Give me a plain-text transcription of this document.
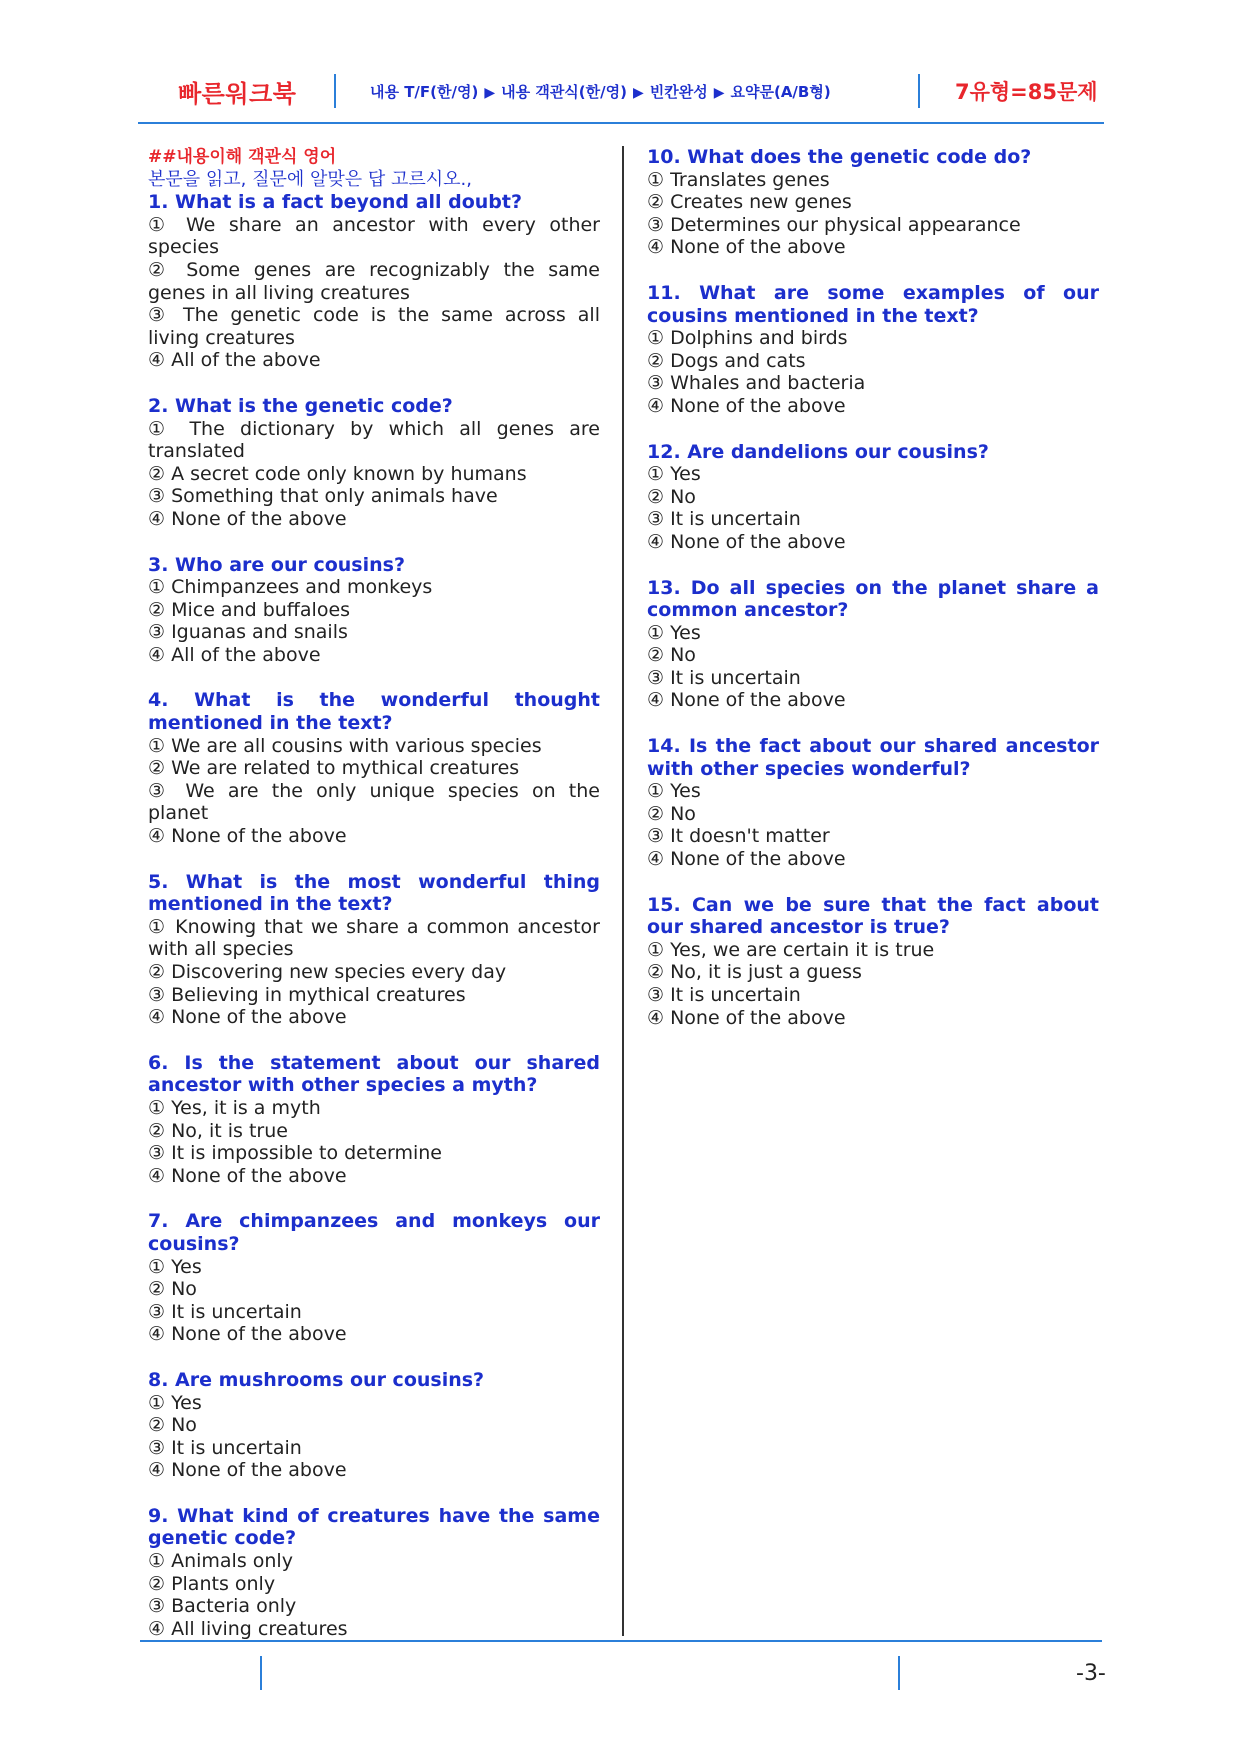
빠른워크북	내용 T/F(한/영) ▶ 내용 객관식(한/영) ▶ 빈칸완성 ▶ 요약문(A/B형)	7유형=85문제
##내용이해 객관식 영어
본문을 읽고, 질문에 알맞은 답 고르시오.,
1. What is a fact beyond all doubt?
① We share an ancestor with every other species
② Some genes are recognizably the same genes in all living creatures
③ The genetic code is the same across all living creatures
④ All of the above
2. What is the genetic code?
① The dictionary by which all genes are translated
② A secret code only known by humans
③ Something that only animals have
④ None of the above
3. Who are our cousins?
① Chimpanzees and monkeys
② Mice and buffaloes
③ Iguanas and snails
④ All of the above
4. What is the wonderful thought mentioned in the text?
① We are all cousins with various species
② We are related to mythical creatures
③ We are the only unique species on the planet
④ None of the above
5. What is the most wonderful thing mentioned in the text?
① Knowing that we share a common ancestor with all species
② Discovering new species every day
③ Believing in mythical creatures
④ None of the above
6. Is the statement about our shared ancestor with other species a myth?
① Yes, it is a myth
② No, it is true
③ It is impossible to determine
④ None of the above
7. Are chimpanzees and monkeys our cousins?
① Yes
② No
③ It is uncertain
④ None of the above
8. Are mushrooms our cousins?
① Yes
② No
③ It is uncertain
④ None of the above
9. What kind of creatures have the same genetic code?
① Animals only
② Plants only
③ Bacteria only
④ All living creatures
10. What does the genetic code do?
① Translates genes
② Creates new genes
③ Determines our physical appearance
④ None of the above
11. What are some examples of our cousins mentioned in the text?
① Dolphins and birds
② Dogs and cats
③ Whales and bacteria
④ None of the above
12. Are dandelions our cousins?
① Yes
② No
③ It is uncertain
④ None of the above
13. Do all species on the planet share a common ancestor?
① Yes
② No
③ It is uncertain
④ None of the above
14. Is the fact about our shared ancestor with other species wonderful?
① Yes
② No
③ It doesn't matter
④ None of the above
15. Can we be sure that the fact about our shared ancestor is true?
① Yes, we are certain it is true
② No, it is just a guess
③ It is uncertain
④ None of the above
-3-
